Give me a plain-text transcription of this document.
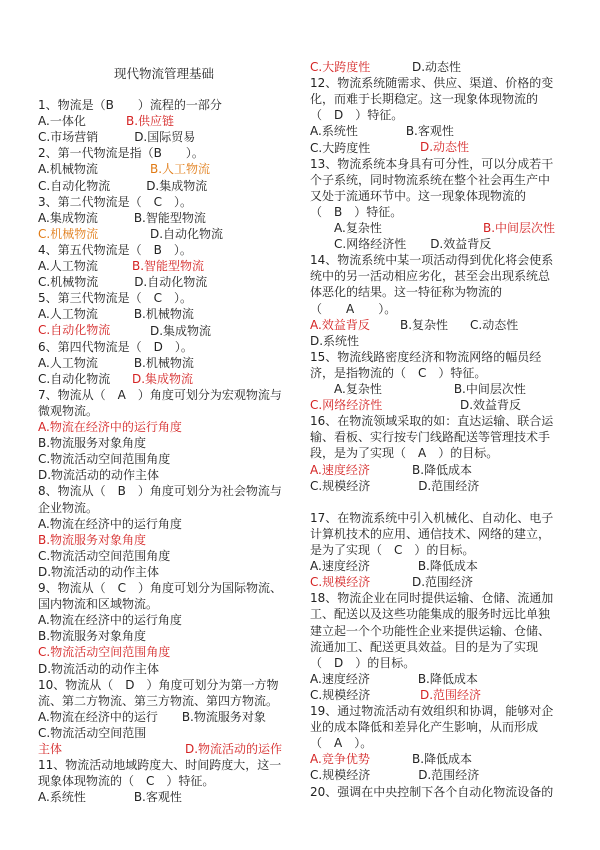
现代物流管理基础
1、物流是（B　　）流程的一部分
A.一体化
C.市场营销　　　D.国际贸易
2、第一代物流是指（B　　）。
A.机械物流
C.自动化物流　　　D.集成物流
3、第二代物流是（　C　）。
A.集成物流　　　B.智能型物流
C.机械物流
4、第五代物流是（　B　）。
A.人工物流
C.机械物流　　　D.自动化物流
5、第三代物流是（　C　）。
A.人工物流　　　B.机械物流
C.自动化物流
6、第四代物流是（　D　）。
A.人工物流　　　B.机械物流
C.自动化物流
7、物流从（　A　）角度可划分为宏观物流与
微观物流。
A.物流在经济中的运行角度
B.物流服务对象角度
C.物流活动空间范围角度
D.物流活动的动作主体
8、物流从（　B　）角度可划分为社会物流与
企业物流。
A.物流在经济中的运行角度
B.物流服务对象角度
C.物流活动空间范围角度
D.物流活动的动作主体
9、物流从（　C　）角度可划分为国际物流、
国内物流和区域物流。
A.物流在经济中的运行角度
B.物流服务对象角度
C.物流活动空间范围角度
D.物流活动的动作主体
10、物流从（　D　）角度可划分为第一方物
流、第二方物流、第三方物流、第四方物流。
A.物流在经济中的运行　　B.物流服务对象
C.物流活动空间范围
主体
11、物流活动地域跨度大、时间跨度大，这一
现象体现物流的（　C　）特征。
A.系统性　　　　B.客观性
B.供应链
B.人工物流
D.自动化物流
B.智能型物流
D.集成物流
D.集成物流
D.物流活动的运作
C.大跨度性
12、物流系统随需求、供应、渠道、价格的变
化，而难于长期稳定。这一现象体现物流的
（　D　）特征。
A.系统性　　　　B.客观性
C.大跨度性
13、物流系统本身具有可分性，可以分成若干
个子系统，同时物流系统在整个社会再生产中
又处于流通环节中。这一现象体现物流的
（　B　）特征。
　　A.复杂性
　　C.网络经济性　　D.效益背反
14、物流系统中某一项活动得到优化将会使系
统中的另一活动相应劣化，甚至会出现系统总
体恶化的结果。这一特征称为物流的
（　　A　　）。
A.效益背反
D.系统性
15、物流线路密度经济和物流网络的幅员经
济，是指物流的（　C　）特征。
　　A.复杂性　　　　　　B.中间层次性
C.网络经济性
16、在物流领域采取的如：直达运输、联合运
输、看板、实行按专门线路配送等管理技术手
段，是为了实现（　A　）的目标。
A.速度经济
C.规模经济　　　　D.范围经济
17、在物流系统中引入机械化、自动化、电子
计算机技术的应用、通信技术、网络的建立，
是为了实现（　C　）的目标。
A.速度经济　　　　B.降低成本
C.规模经济
18、物流企业在同时提供运输、仓储、流通加
工、配送以及这些功能集成的服务时远比单独
建立起一个个功能性企业来提供运输、仓储、
流通加工、配送更具效益。目的是为了实现
（　D　）的目标。
A.速度经济　　　　B.降低成本
C.规模经济
19、通过物流活动有效组织和协调，能够对企
业的成本降低和差异化产生影响，从而形成
（　A　）。
A.竞争优势
C.规模经济　　　　D.范围经济
20、强调在中央控制下各个自动化物流设备的
D.动态性
D.动态性
B.中间层次性
B.复杂性 C.动态性
D.效益背反
B.降低成本
D.范围经济
D.范围经济
B.降低成本
